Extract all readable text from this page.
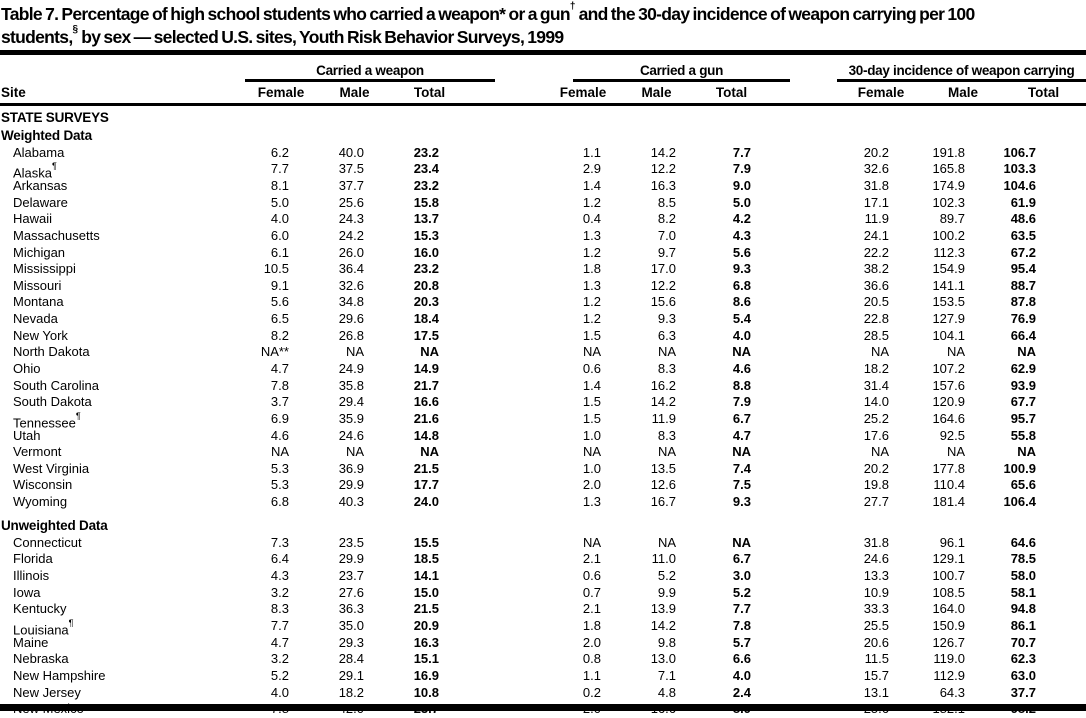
Table 7. Percentage of high school students who carried a weapon* or a gun† and the 30-day incidence of weapon carrying per 100
students,§ by sex — selected U.S. sites, Youth Risk Behavior Surveys, 1999
Carried a weapon	Carried a gun	30-day incidence of weapon carrying
Site	Female	Male	Total	Female	Male	Total	Female	Male	Total
STATE SURVEYS
Weighted Data
Alabama	6.2	40.0	23.2	1.1	14.2	7.7	20.2	191.8	106.7
Alaska¶	7.7	37.5	23.4	2.9	12.2	7.9	32.6	165.8	103.3
Arkansas	8.1	37.7	23.2	1.4	16.3	9.0	31.8	174.9	104.6
Delaware	5.0	25.6	15.8	1.2	8.5	5.0	17.1	102.3	61.9
Hawaii	4.0	24.3	13.7	0.4	8.2	4.2	11.9	89.7	48.6
Massachusetts	6.0	24.2	15.3	1.3	7.0	4.3	24.1	100.2	63.5
Michigan	6.1	26.0	16.0	1.2	9.7	5.6	22.2	112.3	67.2
Mississippi	10.5	36.4	23.2	1.8	17.0	9.3	38.2	154.9	95.4
Missouri	9.1	32.6	20.8	1.3	12.2	6.8	36.6	141.1	88.7
Montana	5.6	34.8	20.3	1.2	15.6	8.6	20.5	153.5	87.8
Nevada	6.5	29.6	18.4	1.2	9.3	5.4	22.8	127.9	76.9
New York	8.2	26.8	17.5	1.5	6.3	4.0	28.5	104.1	66.4
North Dakota	NA**	NA	NA	NA	NA	NA	NA	NA	NA
Ohio	4.7	24.9	14.9	0.6	8.3	4.6	18.2	107.2	62.9
South Carolina	7.8	35.8	21.7	1.4	16.2	8.8	31.4	157.6	93.9
South Dakota	3.7	29.4	16.6	1.5	14.2	7.9	14.0	120.9	67.7
Tennessee¶	6.9	35.9	21.6	1.5	11.9	6.7	25.2	164.6	95.7
Utah	4.6	24.6	14.8	1.0	8.3	4.7	17.6	92.5	55.8
Vermont	NA	NA	NA	NA	NA	NA	NA	NA	NA
West Virginia	5.3	36.9	21.5	1.0	13.5	7.4	20.2	177.8	100.9
Wisconsin	5.3	29.9	17.7	2.0	12.6	7.5	19.8	110.4	65.6
Wyoming	6.8	40.3	24.0	1.3	16.7	9.3	27.7	181.4	106.4
Unweighted Data
Connecticut	7.3	23.5	15.5	NA	NA	NA	31.8	96.1	64.6
Florida	6.4	29.9	18.5	2.1	11.0	6.7	24.6	129.1	78.5
Illinois	4.3	23.7	14.1	0.6	5.2	3.0	13.3	100.7	58.0
Iowa	3.2	27.6	15.0	0.7	9.9	5.2	10.9	108.5	58.1
Kentucky	8.3	36.3	21.5	2.1	13.9	7.7	33.3	164.0	94.8
Louisiana¶	7.7	35.0	20.9	1.8	14.2	7.8	25.5	150.9	86.1
Maine	4.7	29.3	16.3	2.0	9.8	5.7	20.6	126.7	70.7
Nebraska	3.2	28.4	15.1	0.8	13.0	6.6	11.5	119.0	62.3
New Hampshire	5.2	29.1	16.9	1.1	7.1	4.0	15.7	112.9	63.0
New Jersey	4.0	18.2	10.8	0.2	4.8	2.4	13.1	64.3	37.7
